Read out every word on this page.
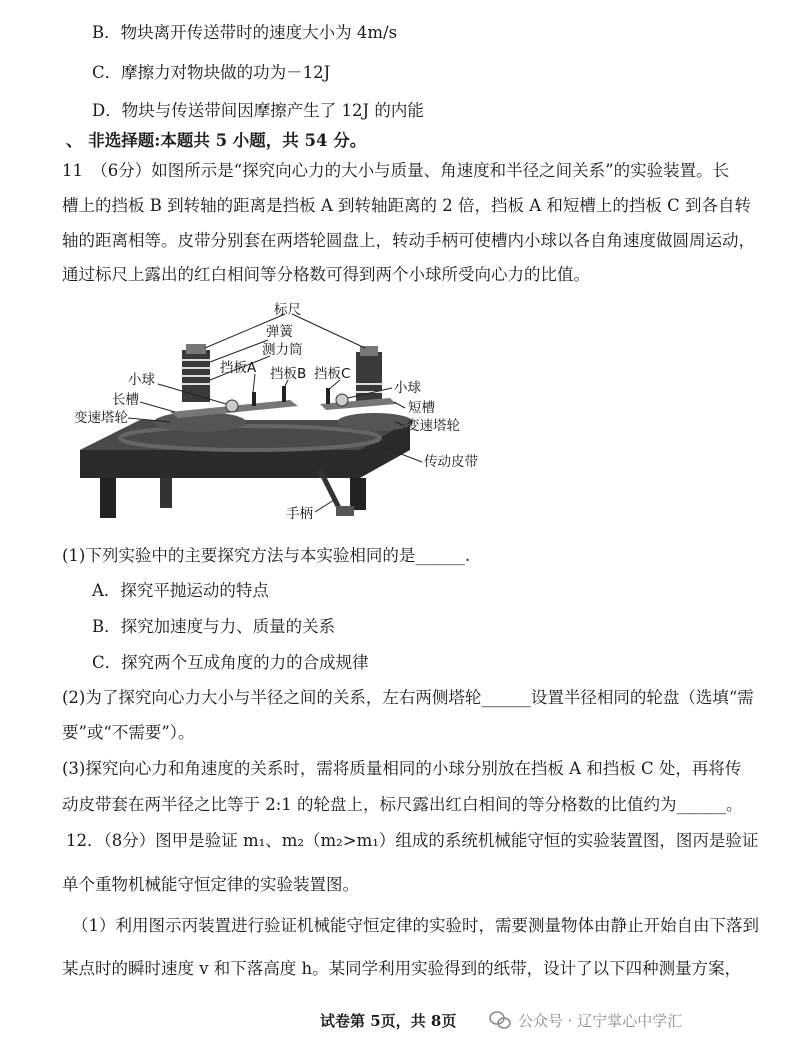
B．物块离开传送带时的速度大小为 4m/s
C．摩擦力对物块做的功为－12J
D．物块与传送带间因摩擦产生了 12J 的内能
、 非选择题:本题共 5 小题，共 54 分。
11　（6分）如图所示是“探究向心力的大小与质量、角速度和半径之间关系”的实验装置。长
槽上的挡板 B 到转轴的距离是挡板 A 到转轴距离的 2 倍，挡板 A 和短槽上的挡板 C 到各自转
轴的距离相等。皮带分别套在两塔轮圆盘上，转动手柄可使槽内小球以各自角速度做圆周运动，
通过标尺上露出的红白相间等分格数可得到两个小球所受向心力的比值。
标尺
弹簧
测力筒
挡板A 挡板B 挡板C
小球
长槽
变速塔轮
小球
短槽
变速塔轮
传动皮带
手柄
(1)下列实验中的主要探究方法与本实验相同的是______.
A．探究平抛运动的特点
B．探究加速度与力、质量的关系
C．探究两个互成角度的力的合成规律
(2)为了探究向心力大小与半径之间的关系，左右两侧塔轮______设置半径相同的轮盘（选填“需
要”或“不需要”）。
(3)探究向心力和角速度的关系时，需将质量相同的小球分别放在挡板 A 和挡板 C 处，再将传
动皮带套在两半径之比等于 2:1 的轮盘上，标尺露出红白相间的等分格数的比值约为______。
12．（8分）图甲是验证 m₁、m₂（m₂>m₁）组成的系统机械能守恒的实验装置图，图丙是验证
单个重物机械能守恒定律的实验装置图。
（1）利用图示丙装置进行验证机械能守恒定律的实验时，需要测量物体由静止开始自由下落到
某点时的瞬时速度 v 和下落高度 h。某同学利用实验得到的纸带，设计了以下四种测量方案，
试卷第 5页，共 8页	公众号 · 辽宁掌心中学汇
